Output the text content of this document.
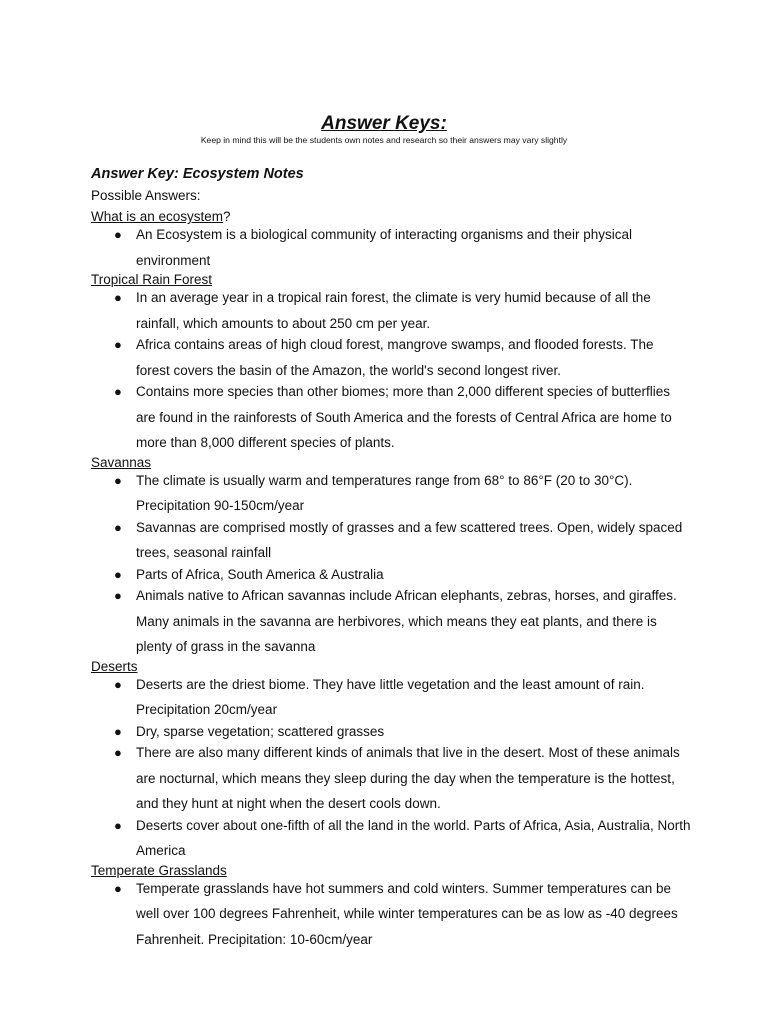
Answer Keys:

Keep in mind this will be the students own notes and research so their answers may vary slightly

Answer Key: Ecosystem Notes

Possible Answers:

What is an ecosystem?
● An Ecosystem is a biological community of interacting organisms and their physical environment
Tropical Rain Forest
● In an average year in a tropical rain forest, the climate is very humid because of all the rainfall, which amounts to about 250 cm per year.
● Africa contains areas of high cloud forest, mangrove swamps, and flooded forests. The forest covers the basin of the Amazon, the world's second longest river.
● Contains more species than other biomes; more than 2,000 different species of butterflies are found in the rainforests of South America and the forests of Central Africa are home to more than 8,000 different species of plants.
Savannas
● The climate is usually warm and temperatures range from 68° to 86°F (20 to 30°C). Precipitation 90-150cm/year
● Savannas are comprised mostly of grasses and a few scattered trees. Open, widely spaced trees, seasonal rainfall
● Parts of Africa, South America & Australia
● Animals native to African savannas include African elephants, zebras, horses, and giraffes. Many animals in the savanna are herbivores, which means they eat plants, and there is plenty of grass in the savanna
Deserts
● Deserts are the driest biome. They have little vegetation and the least amount of rain. Precipitation 20cm/year
● Dry, sparse vegetation; scattered grasses
● There are also many different kinds of animals that live in the desert. Most of these animals are nocturnal, which means they sleep during the day when the temperature is the hottest, and they hunt at night when the desert cools down.
● Deserts cover about one-fifth of all the land in the world. Parts of Africa, Asia, Australia, North America
Temperate Grasslands
● Temperate grasslands have hot summers and cold winters. Summer temperatures can be well over 100 degrees Fahrenheit, while winter temperatures can be as low as -40 degrees Fahrenheit. Precipitation: 10-60cm/year
